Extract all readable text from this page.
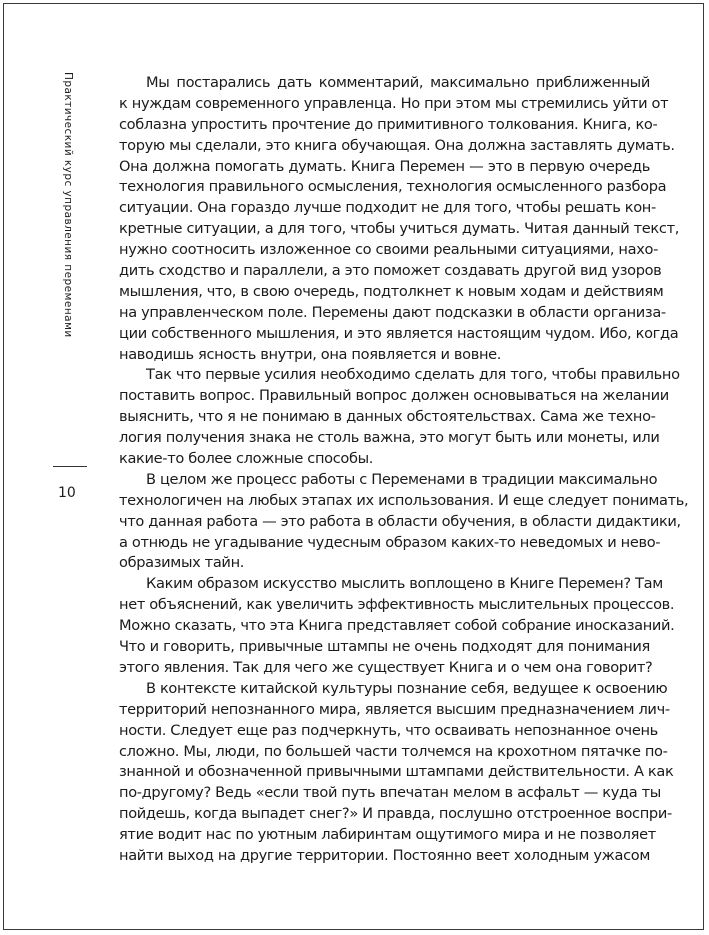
Практический курс управления переменами
10
Мы постарались дать комментарий, максимально приближенный
к нуждам современного управленца. Но при этом мы стремились уйти от
соблазна упростить прочтение до примитивного толкования. Книга, ко-
торую мы сделали, это книга обучающая. Она должна заставлять думать.
Она должна помогать думать. Книга Перемен — это в первую очередь
технология правильного осмысления, технология осмысленного разбора
ситуации. Она гораздо лучше подходит не для того, чтобы решать кон-
кретные ситуации, а для того, чтобы учиться думать. Читая данный текст,
нужно соотносить изложенное со своими реальными ситуациями, нахо-
дить сходство и параллели, а это поможет создавать другой вид узоров
мышления, что, в свою очередь, подтолкнет к новым ходам и действиям
на управленческом поле. Перемены дают подсказки в области организа-
ции собственного мышления, и это является настоящим чудом. Ибо, когда
наводишь ясность внутри, она появляется и вовне.
Так что первые усилия необходимо сделать для того, чтобы правильно
поставить вопрос. Правильный вопрос должен основываться на желании
выяснить, что я не понимаю в данных обстоятельствах. Сама же техно-
логия получения знака не столь важна, это могут быть или монеты, или
какие-то более сложные способы.
В целом же процесс работы с Переменами в традиции максимально
технологичен на любых этапах их использования. И еще следует понимать,
что данная работа — это работа в области обучения, в области дидактики,
а отнюдь не угадывание чудесным образом каких-то неведомых и нево-
образимых тайн.
Каким образом искусство мыслить воплощено в Книге Перемен? Там
нет объяснений, как увеличить эффективность мыслительных процессов.
Можно сказать, что эта Книга представляет собой собрание иносказаний.
Что и говорить, привычные штампы не очень подходят для понимания
этого явления. Так для чего же существует Книга и о чем она говорит?
В контексте китайской культуры познание себя, ведущее к освоению
территорий непознанного мира, является высшим предназначением лич-
ности. Следует еще раз подчеркнуть, что осваивать непознанное очень
сложно. Мы, люди, по большей части толчемся на крохотном пятачке по-
знанной и обозначенной привычными штампами действительности. А как
по-другому? Ведь «если твой путь впечатан мелом в асфальт — куда ты
пойдешь, когда выпадет снег?» И правда, послушно отстроенное воспри-
ятие водит нас по уютным лабиринтам ощутимого мира и не позволяет
найти выход на другие территории. Постоянно веет холодным ужасом
